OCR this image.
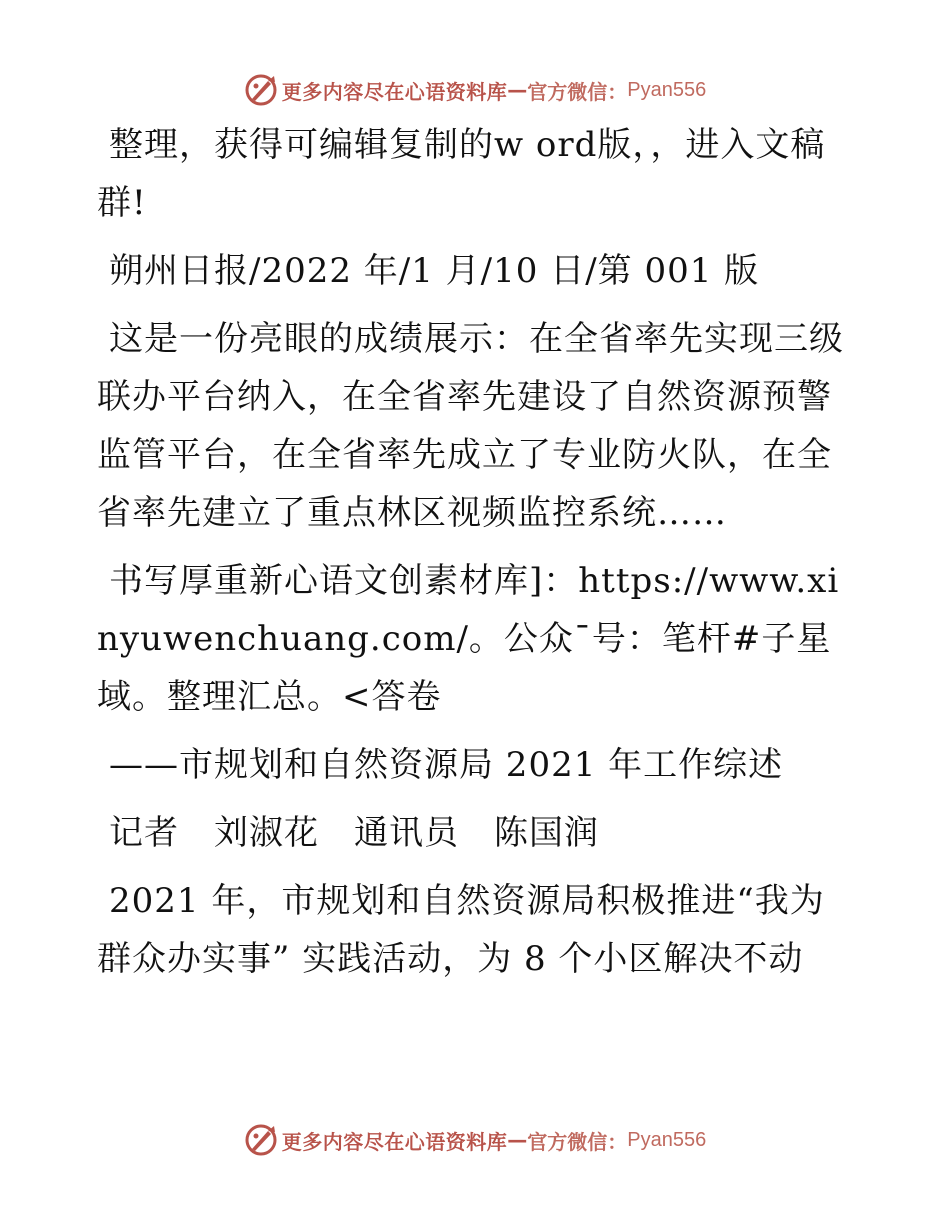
更多内容尽在心语资料库 — 官方微信： Pyan556

整理，获得可编辑复制的w ord版，，进入文稿群!

朔州日报/2022 年/1 月/10 日/第 001 版

这是一份亮眼的成绩展示：在全省率先实现三级联办平台纳入，在全省率先建设了自然资源预警监管平台，在全省率先成立了专业防火队，在全省率先建立了重点林区视频监控系统……

书写厚重新心语文创素材库]：https://www.xinyuwenchuang.com/。公众¯号：笔杆#子星域。整理汇总。<答卷

——市规划和自然资源局 2021 年工作综述

记者　刘淑花　通讯员　陈国润

2021 年，市规划和自然资源局积极推进“我为群众办实事” 实践活动，为 8 个小区解决不动

更多内容尽在心语资料库 — 官方微信： Pyan556
